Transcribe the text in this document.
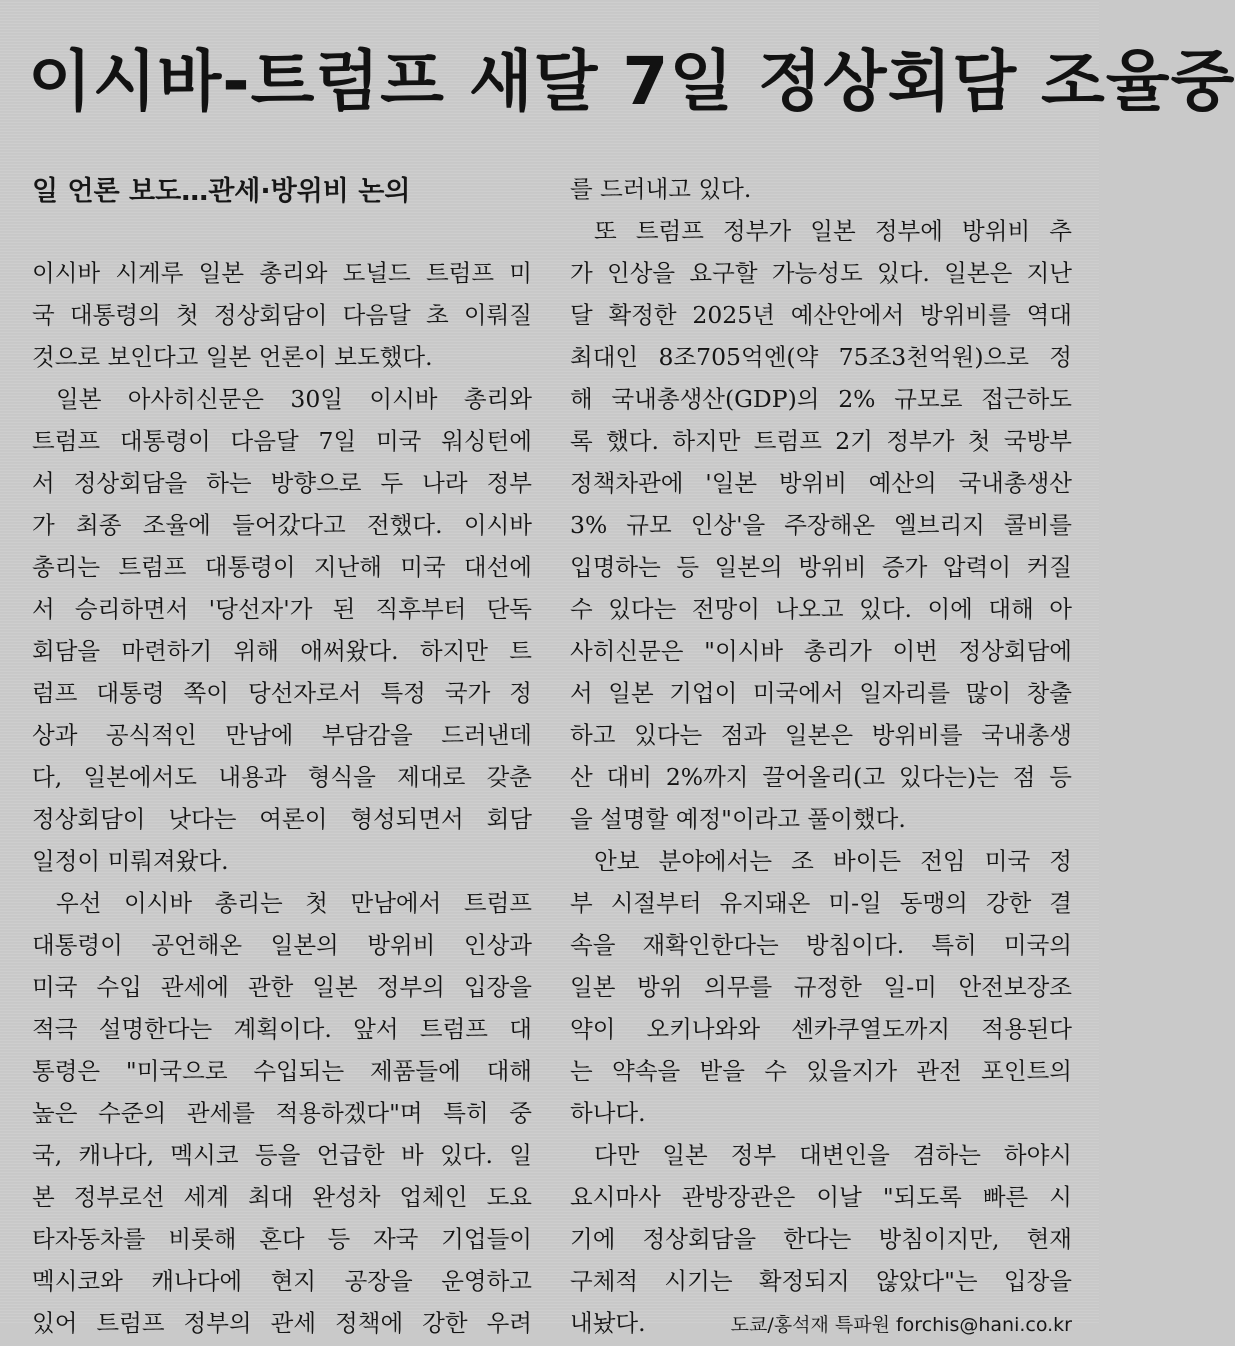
이시바-트럼프 새달 7일 정상회담 조율중
일 언론 보도…관세·방위비 논의
이시바 시게루 일본 총리와 도널드 트럼프 미
국 대통령의 첫 정상회담이 다음달 초 이뤄질
것으로 보인다고 일본 언론이 보도했다.
일본 아사히신문은 30일 이시바 총리와
트럼프 대통령이 다음달 7일 미국 워싱턴에
서 정상회담을 하는 방향으로 두 나라 정부
가 최종 조율에 들어갔다고 전했다. 이시바
총리는 트럼프 대통령이 지난해 미국 대선에
서 승리하면서 '당선자'가 된 직후부터 단독
회담을 마련하기 위해 애써왔다. 하지만 트
럼프 대통령 쪽이 당선자로서 특정 국가 정
상과 공식적인 만남에 부담감을 드러낸데
다, 일본에서도 내용과 형식을 제대로 갖춘
정상회담이 낫다는 여론이 형성되면서 회담
일정이 미뤄져왔다.
우선 이시바 총리는 첫 만남에서 트럼프
대통령이 공언해온 일본의 방위비 인상과
미국 수입 관세에 관한 일본 정부의 입장을
적극 설명한다는 계획이다. 앞서 트럼프 대
통령은 "미국으로 수입되는 제품들에 대해
높은 수준의 관세를 적용하겠다"며 특히 중
국, 캐나다, 멕시코 등을 언급한 바 있다. 일
본 정부로선 세계 최대 완성차 업체인 도요
타자동차를 비롯해 혼다 등 자국 기업들이
멕시코와 캐나다에 현지 공장을 운영하고
있어 트럼프 정부의 관세 정책에 강한 우려
를 드러내고 있다.
또 트럼프 정부가 일본 정부에 방위비 추
가 인상을 요구할 가능성도 있다. 일본은 지난
달 확정한 2025년 예산안에서 방위비를 역대
최대인 8조705억엔(약 75조3천억원)으로 정
해 국내총생산(GDP)의 2% 규모로 접근하도
록 했다. 하지만 트럼프 2기 정부가 첫 국방부
정책차관에 '일본 방위비 예산의 국내총생산
3% 규모 인상'을 주장해온 엘브리지 콜비를
입명하는 등 일본의 방위비 증가 압력이 커질
수 있다는 전망이 나오고 있다. 이에 대해 아
사히신문은 "이시바 총리가 이번 정상회담에
서 일본 기업이 미국에서 일자리를 많이 창출
하고 있다는 점과 일본은 방위비를 국내총생
산 대비 2%까지 끌어올리(고 있다는)는 점 등
을 설명할 예정"이라고 풀이했다.
안보 분야에서는 조 바이든 전임 미국 정
부 시절부터 유지돼온 미-일 동맹의 강한 결
속을 재확인한다는 방침이다. 특히 미국의
일본 방위 의무를 규정한 일-미 안전보장조
약이 오키나와와 센카쿠열도까지 적용된다
는 약속을 받을 수 있을지가 관전 포인트의
하나다.
다만 일본 정부 대변인을 겸하는 하야시
요시마사 관방장관은 이날 "되도록 빠른 시
기에 정상회담을 한다는 방침이지만, 현재
구체적 시기는 확정되지 않았다"는 입장을
내놨다.	도쿄/홍석재 특파원 forchis@hani.co.kr
